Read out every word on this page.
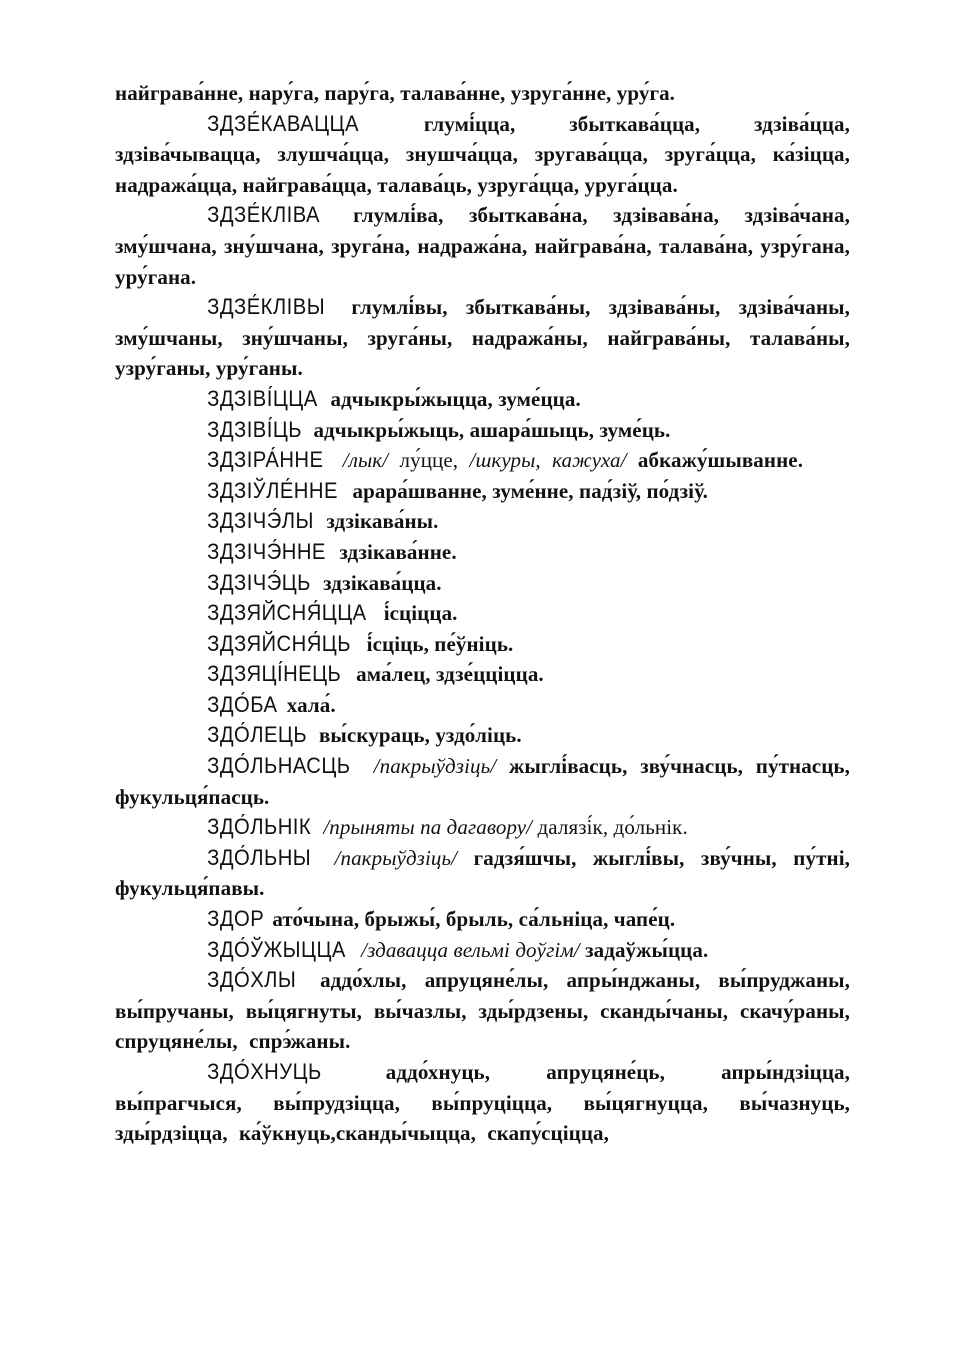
найграва́нне, нару́га, пару́га, талава́нне, узруга́нне, уру́га.

ЗДЗЕ́КАВАЦЦА	глумі́цца, збыткава́цца, здзіва́цца, здзіва́чывацца, злушча́цца, знушча́цца, зругава́цца, зруга́цца, ка́зіцца, надража́цца, найграва́цца, талава́ць, узруга́цца, уруга́цца.

ЗДЗЕ́КЛІВА глумлі́ва, збыткава́на, здзівава́на, здзіва́чана, зму́шчана, зну́шчана, зруга́на, надража́на, найграва́на, талава́на, узру́гана, уру́гана.

ЗДЗЕ́КЛІВЫ глумлі́вы, збыткава́ны, здзівава́ны, здзіва́чаны, зму́шчаны, зну́шчаны, зруга́ны, надража́ны, найграва́ны, талава́ны, узру́ганы, уру́ганы.

ЗДЗІВІ́ЦЦА адчыкры́жыцца, зуме́цца.

ЗДЗІВІ́ЦЬ адчыкры́жыць, ашара́шыць, зуме́ць.

ЗДЗІРА́ННЕ /лык/ лу́цце, /шкуры, кажуха/ абкажу́шыванне.

ЗДЗІЎЛЕ́ННЕ арара́шванне, зуме́нне, пад́зіў, по́дзіў.

ЗДЗІЧЭ́ЛЫ здзікава́ны.

ЗДЗІЧЭ́ННЕ здзікава́нне.

ЗДЗІЧЭ́ЦЬ здзікава́цца.

ЗДЗЯЙСНЯ́ЦЦА і́сціцца.

ЗДЗЯЙСНЯ́ЦЬ і́сціць, пе́ўніць.

ЗДЗЯЦІ́НЕЦЬ ама́лец, здзе́цціцца.

ЗДО́БА хала́.

ЗДО́ЛЕЦЬ вы́скураць, уздо́ліць.

ЗДО́ЛЬНАСЦЬ /пакрыўдзіць/ жыглі́васць, зву́чнасць, пу́тнасць, фукульця́пасць.

ЗДО́ЛЬНІК /прыняты па дагавору/ далязі́к, до́льнік.

ЗДО́ЛЬНЫ /пакрыўдзіць/ гадзя́шчы, жыглі́вы, зву́чны, пу́тні, фукульця́павы.

ЗДОР ато́чына, брыжы́, брыль, са́льніца, чапе́ц.

ЗДО́ЎЖЫЦЦА /здавацца вельмі доўгім/ задаўжы́цца.

ЗДО́ХЛЫ аддо́хлы, апруцяне́лы, апры́нджаны, вы́пруджаны, вы́пручаны, вы́цягнуты, вы́чазлы, зды́рдзены, сканды́чаны, скачу́раны, спруцяне́лы, спрэ́жаны.

ЗДО́ХНУЦЬ	аддо́хнуць, апруцяне́ць, апры́ндзіцца, вы́прагчыся, вы́прудзіцца, вы́пруціцца, вы́цягнуцца, вы́чазнуць, зды́рдзіцца, ка́ўкнуць,сканды́чыцца, скапу́сціцца,
